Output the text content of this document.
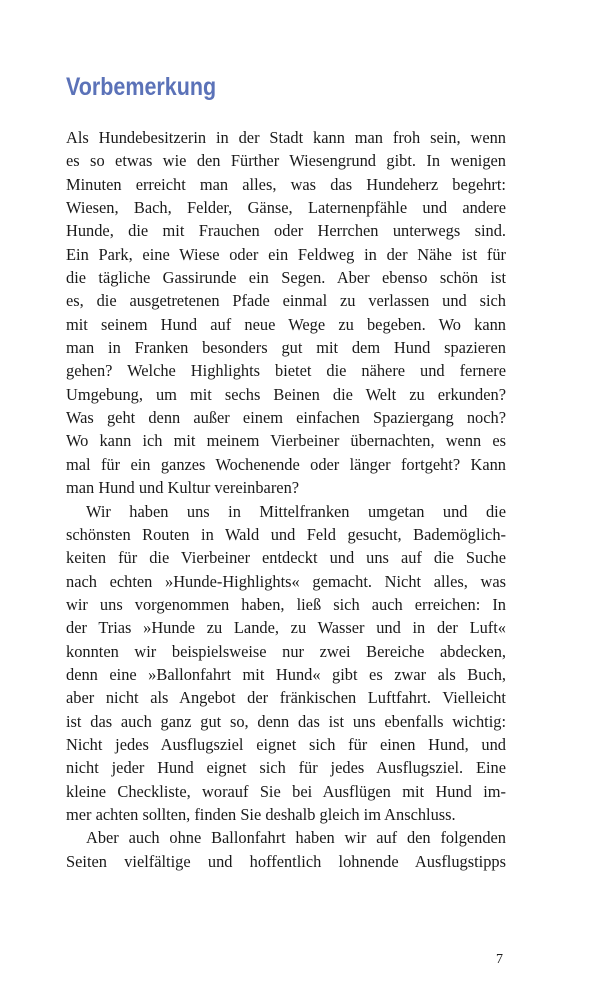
Vorbemerkung
Als Hundebesitzerin in der Stadt kann man froh sein, wenn
es so etwas wie den Fürther Wiesengrund gibt. In wenigen
Minuten erreicht man alles, was das Hundeherz begehrt:
Wiesen, Bach, Felder, Gänse, Laternenpfähle und andere
Hunde, die mit Frauchen oder Herrchen unterwegs sind.
Ein Park, eine Wiese oder ein Feldweg in der Nähe ist für
die tägliche Gassirunde ein Segen. Aber ebenso schön ist
es, die ausgetretenen Pfade einmal zu verlassen und sich
mit seinem Hund auf neue Wege zu begeben. Wo kann
man in Franken besonders gut mit dem Hund spazieren
gehen? Welche Highlights bietet die nähere und fernere
Umgebung, um mit sechs Beinen die Welt zu erkunden?
Was geht denn außer einem einfachen Spaziergang noch?
Wo kann ich mit meinem Vierbeiner übernachten, wenn es
mal für ein ganzes Wochenende oder länger fortgeht? Kann
man Hund und Kultur vereinbaren?
Wir haben uns in Mittelfranken umgetan und die
schönsten Routen in Wald und Feld gesucht, Bademöglich-
keiten für die Vierbeiner entdeckt und uns auf die Suche
nach echten »Hunde-Highlights« gemacht. Nicht alles, was
wir uns vorgenommen haben, ließ sich auch erreichen: In
der Trias »Hunde zu Lande, zu Wasser und in der Luft«
konnten wir beispielsweise nur zwei Bereiche abdecken,
denn eine »Ballonfahrt mit Hund« gibt es zwar als Buch,
aber nicht als Angebot der fränkischen Luftfahrt. Vielleicht
ist das auch ganz gut so, denn das ist uns ebenfalls wichtig:
Nicht jedes Ausflugsziel eignet sich für einen Hund, und
nicht jeder Hund eignet sich für jedes Ausflugsziel. Eine
kleine Checkliste, worauf Sie bei Ausflügen mit Hund im-
mer achten sollten, finden Sie deshalb gleich im Anschluss.
Aber auch ohne Ballonfahrt haben wir auf den folgenden
Seiten vielfältige und hoffentlich lohnende Ausflugstipps
7
